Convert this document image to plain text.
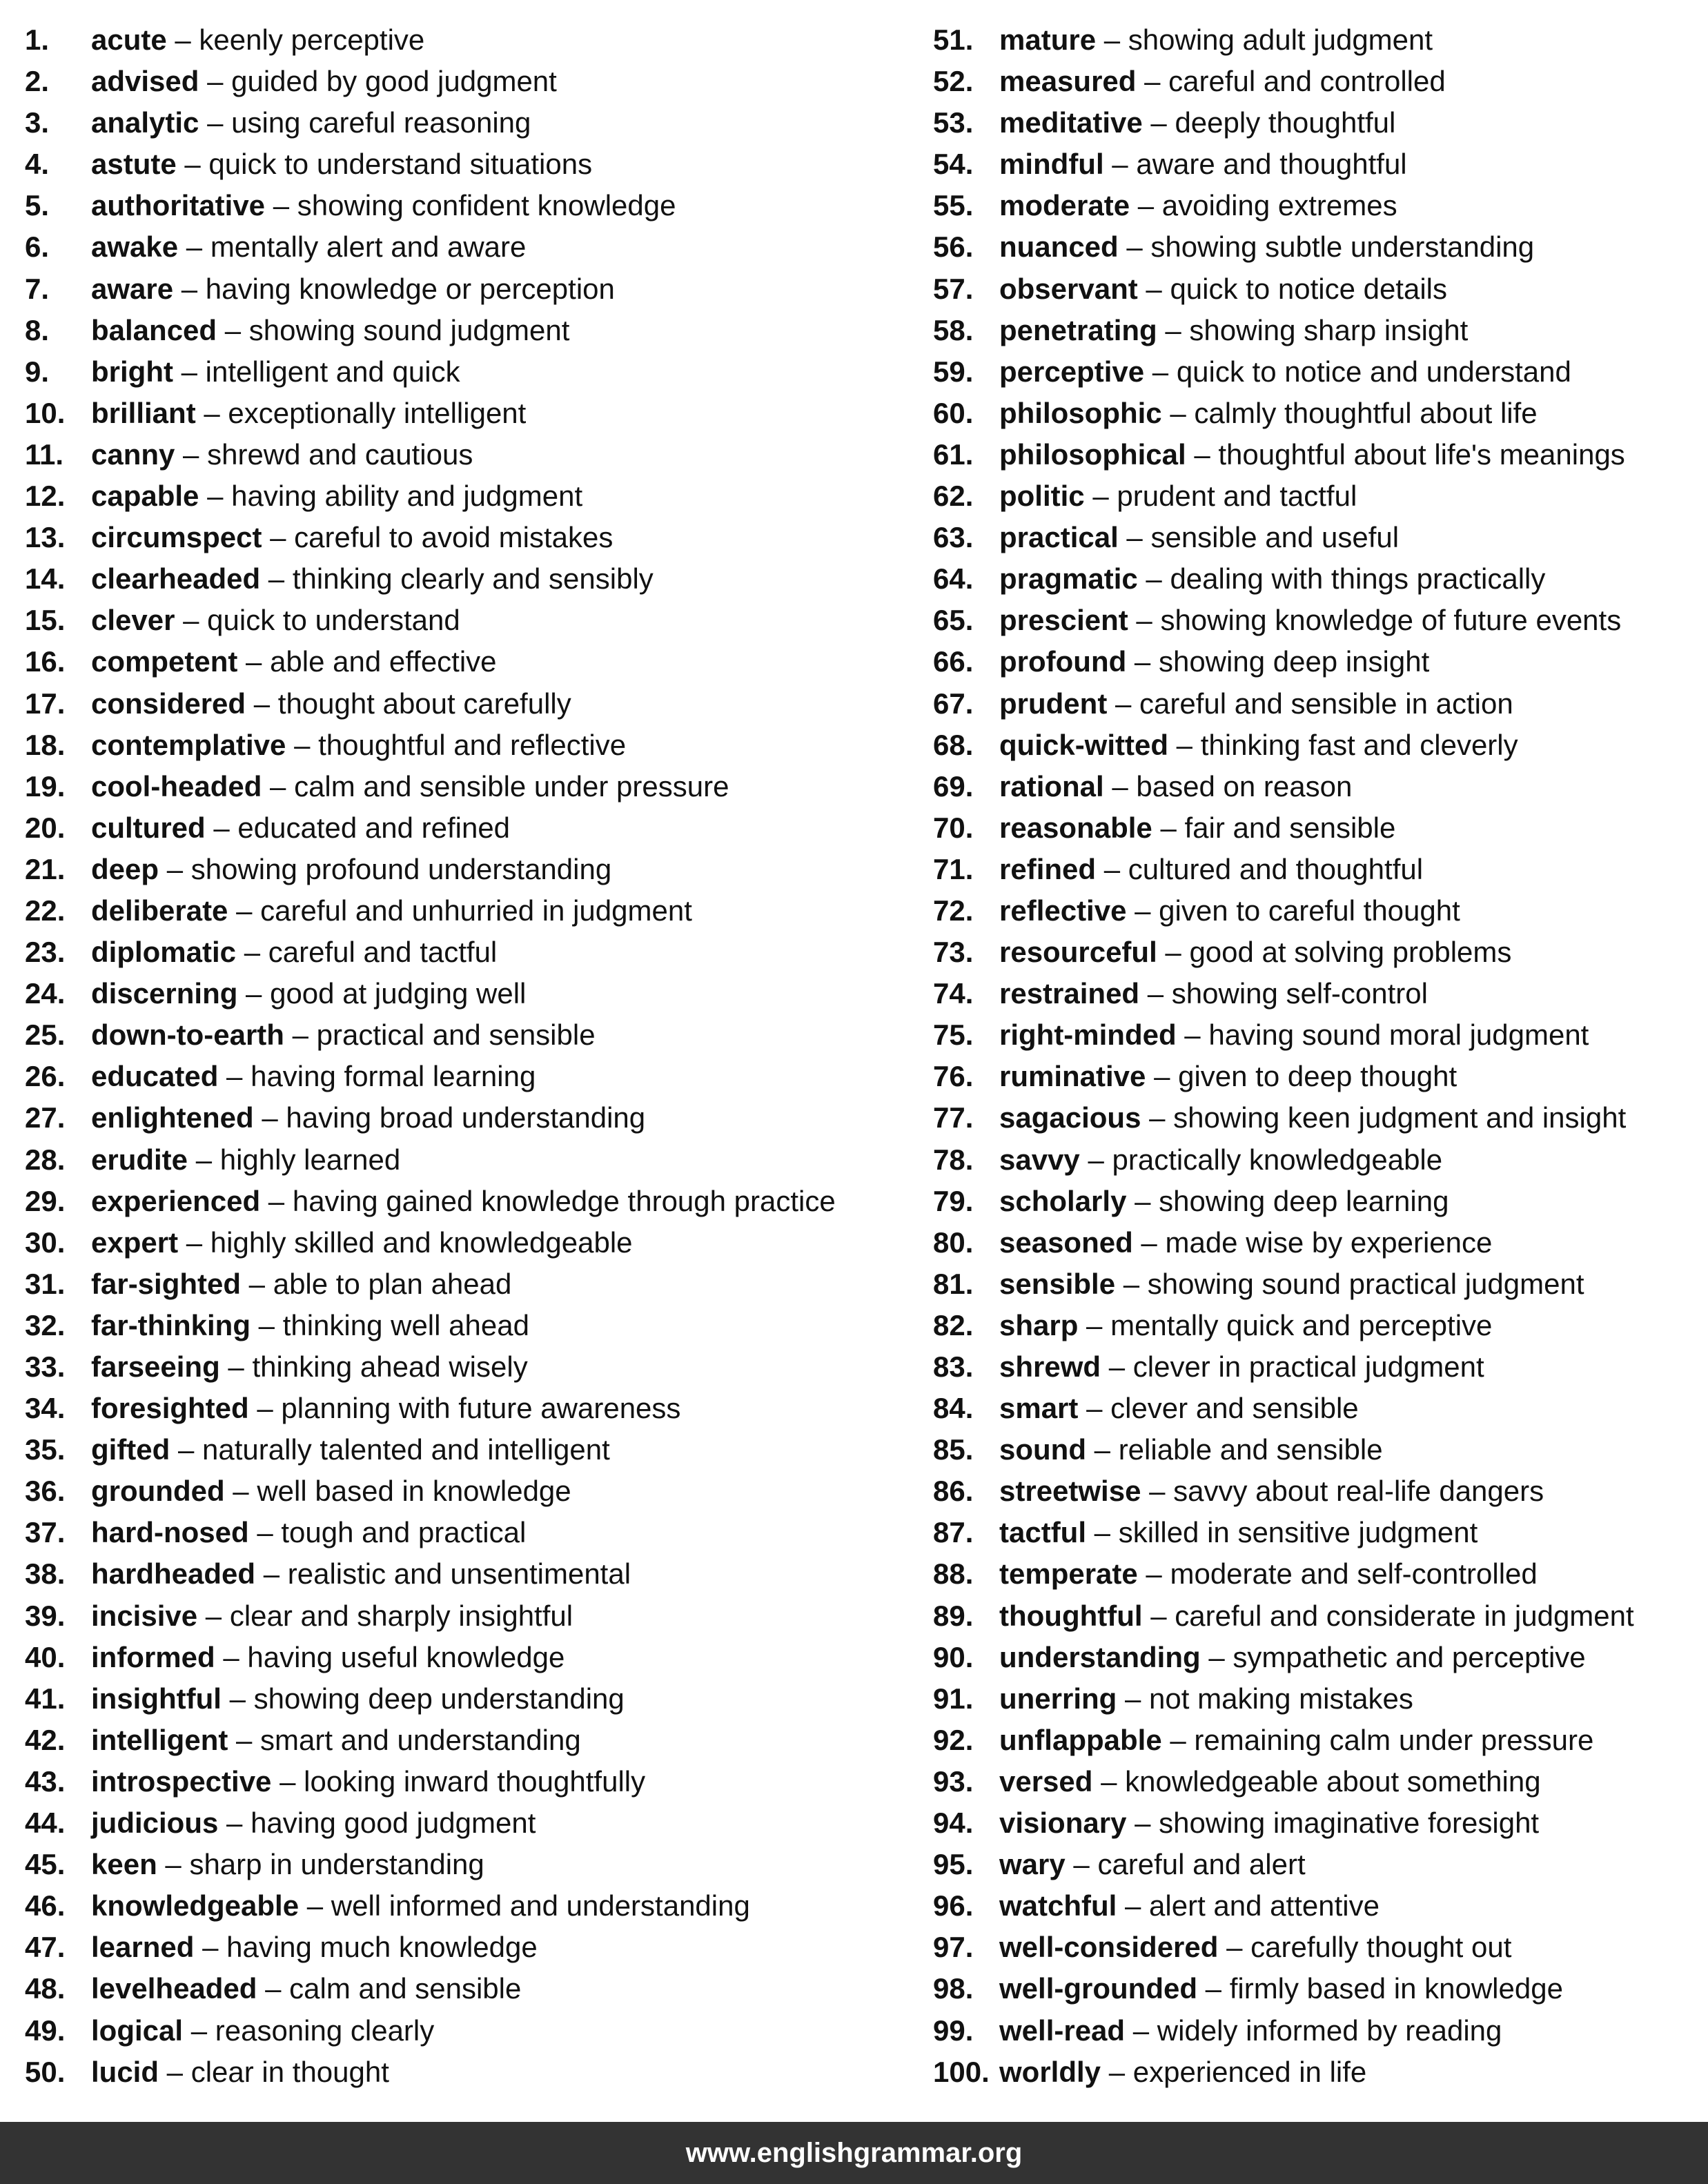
1.	acute – keenly perceptive
2.	advised – guided by good judgment
3.	analytic – using careful reasoning
4.	astute – quick to understand situations
5.	authoritative – showing confident knowledge
6.	awake – mentally alert and aware
7.	aware – having knowledge or perception
8.	balanced – showing sound judgment
9.	bright – intelligent and quick
10. brilliant – exceptionally intelligent
11. canny – shrewd and cautious
12. capable – having ability and judgment
13. circumspect – careful to avoid mistakes
14. clearheaded – thinking clearly and sensibly
15. clever – quick to understand
16. competent – able and effective
17. considered – thought about carefully
18. contemplative – thoughtful and reflective
19. cool-headed – calm and sensible under pressure
20. cultured – educated and refined
21. deep – showing profound understanding
22. deliberate – careful and unhurried in judgment
23. diplomatic – careful and tactful
24. discerning – good at judging well
25. down-to-earth – practical and sensible
26. educated – having formal learning
27. enlightened – having broad understanding
28. erudite – highly learned
29. experienced – having gained knowledge through practice
30. expert – highly skilled and knowledgeable
31. far-sighted – able to plan ahead
32. far-thinking – thinking well ahead
33. farseeing – thinking ahead wisely
34. foresighted – planning with future awareness
35. gifted – naturally talented and intelligent
36. grounded – well based in knowledge
37. hard-nosed – tough and practical
38. hardheaded – realistic and unsentimental
39. incisive – clear and sharply insightful
40. informed – having useful knowledge
41. insightful – showing deep understanding
42. intelligent – smart and understanding
43. introspective – looking inward thoughtfully
44. judicious – having good judgment
45. keen – sharp in understanding
46. knowledgeable – well informed and understanding
47. learned – having much knowledge
48. levelheaded – calm and sensible
49. logical – reasoning clearly
50. lucid – clear in thought
51. mature – showing adult judgment
52. measured – careful and controlled
53. meditative – deeply thoughtful
54. mindful – aware and thoughtful
55. moderate – avoiding extremes
56. nuanced – showing subtle understanding
57. observant – quick to notice details
58. penetrating – showing sharp insight
59. perceptive – quick to notice and understand
60. philosophic – calmly thoughtful about life
61. philosophical – thoughtful about life's meanings
62. politic – prudent and tactful
63. practical – sensible and useful
64. pragmatic – dealing with things practically
65. prescient – showing knowledge of future events
66. profound – showing deep insight
67. prudent – careful and sensible in action
68. quick-witted – thinking fast and cleverly
69. rational – based on reason
70. reasonable – fair and sensible
71. refined – cultured and thoughtful
72. reflective – given to careful thought
73. resourceful – good at solving problems
74. restrained – showing self-control
75. right-minded – having sound moral judgment
76. ruminative – given to deep thought
77. sagacious – showing keen judgment and insight
78. savvy – practically knowledgeable
79. scholarly – showing deep learning
80. seasoned – made wise by experience
81. sensible – showing sound practical judgment
82. sharp – mentally quick and perceptive
83. shrewd – clever in practical judgment
84. smart – clever and sensible
85. sound – reliable and sensible
86. streetwise – savvy about real-life dangers
87. tactful – skilled in sensitive judgment
88. temperate – moderate and self-controlled
89. thoughtful – careful and considerate in judgment
90. understanding – sympathetic and perceptive
91. unerring – not making mistakes
92. unflappable – remaining calm under pressure
93. versed – knowledgeable about something
94. visionary – showing imaginative foresight
95. wary – careful and alert
96. watchful – alert and attentive
97. well-considered – carefully thought out
98. well-grounded – firmly based in knowledge
99. well-read – widely informed by reading
100. worldly – experienced in life
www.englishgrammar.org
